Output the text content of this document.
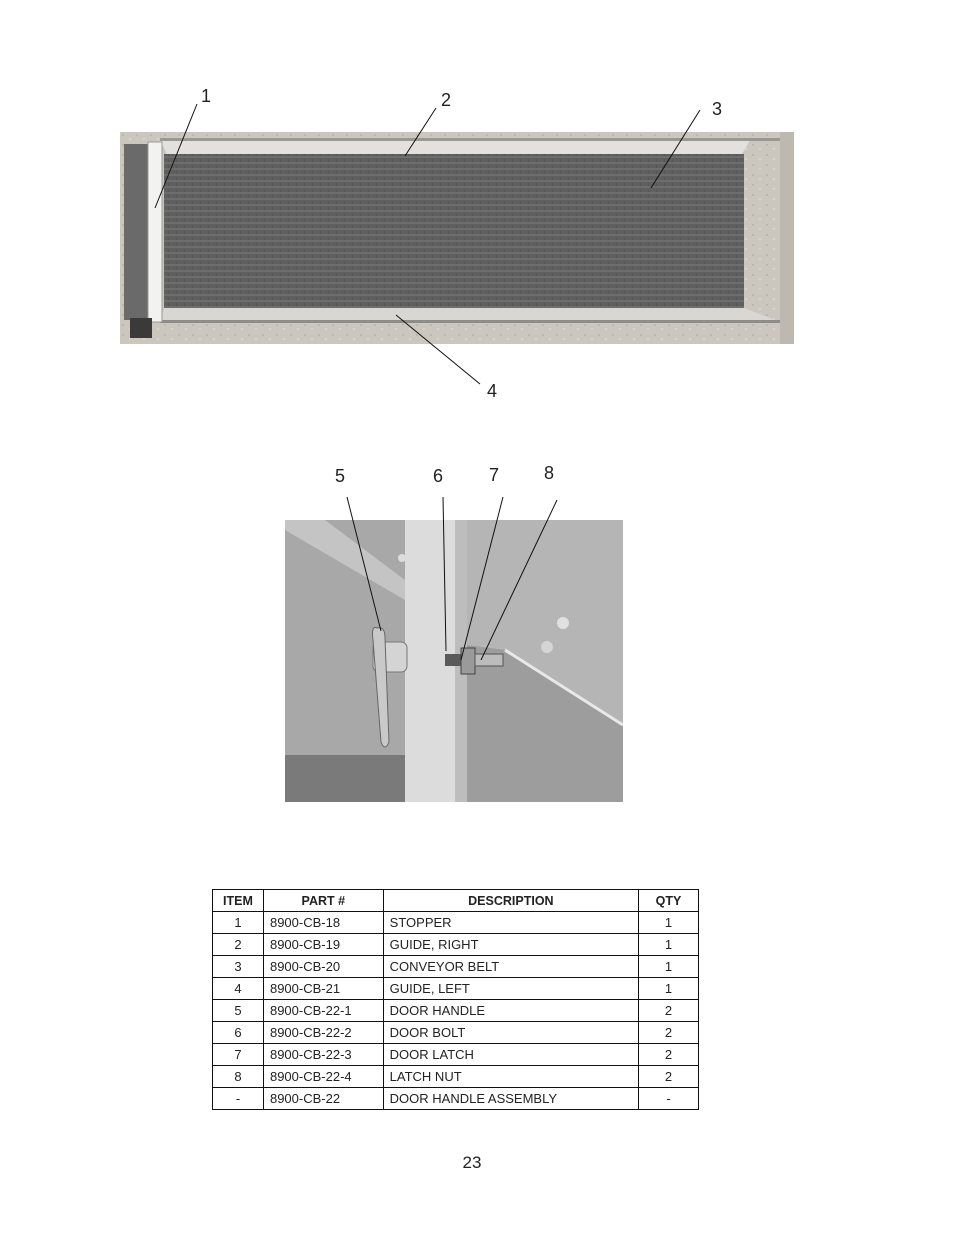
1	2	3
4
5	6	7 8
ITEM	PART #	DESCRIPTION	QTY
1	8900-CB-18	STOPPER	1
2	8900-CB-19	GUIDE, RIGHT	1
3	8900-CB-20	CONVEYOR BELT	1
4	8900-CB-21	GUIDE, LEFT	1
5	8900-CB-22-1	DOOR HANDLE	2
6	8900-CB-22-2	DOOR BOLT	2
7	8900-CB-22-3	DOOR LATCH	2
8	8900-CB-22-4	LATCH NUT	2
-	8900-CB-22	DOOR HANDLE ASSEMBLY	-
23
